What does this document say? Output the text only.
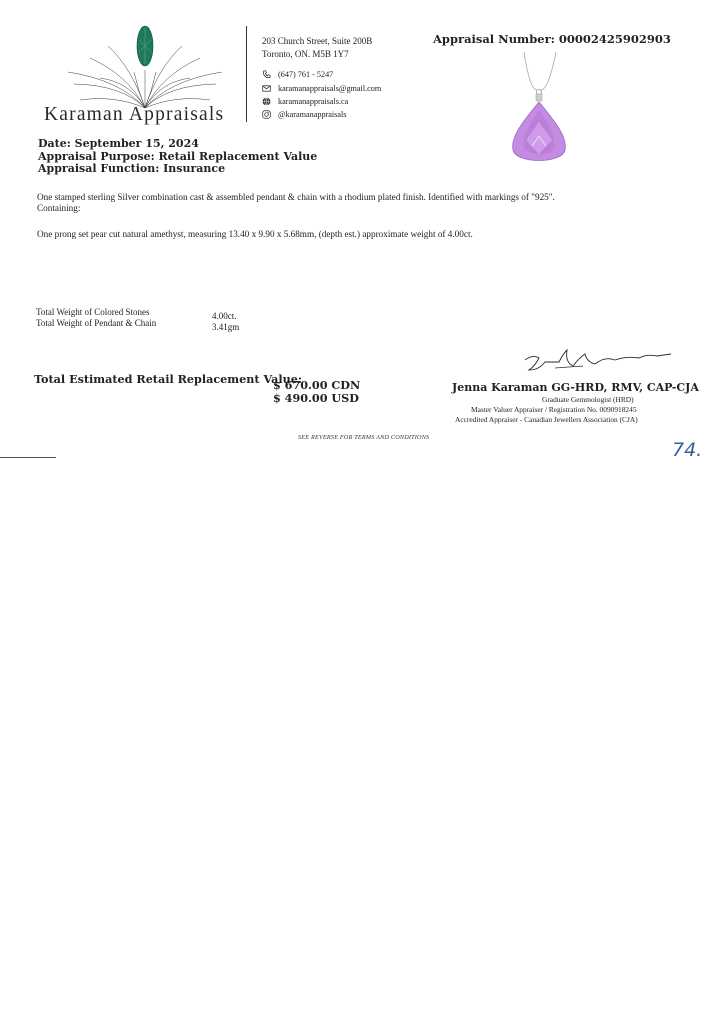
Karaman Appraisals
203 Church Street, Suite 200B
Toronto, ON. M5B 1Y7
(647) 761 - 5247
karamanappraisals@gmail.com
karamanappraisals.ca
@karamanappraisals
Appraisal Number: 00002425902903
Date: September 15, 2024
Appraisal Purpose: Retail Replacement Value
Appraisal Function: Insurance
One stamped sterling Silver combination cast & assembled pendant & chain with a rhodium plated finish. Identified with markings of "925".
Containing:
One prong set pear cut natural amethyst, measuring 13.40 x 9.90 x 5.68mm, (depth est.) approximate weight of 4.00ct.
Total Weight of Colored Stones	4.00ct.
Total Weight of Pendant & Chain	3.41gm
Total Estimated Retail Replacement Value:
$ 670.00 CDN
$ 490.00 USD
Jenna Karaman GG-HRD, RMV, CAP-CJA
Graduate Gemmologist (HRD)
Master Valuer Appraiser / Registration No. 0090918245
Accredited Appraiser - Canadian Jewellers Association (CJA)
SEE REVERSE FOR TERMS AND CONDITIONS
74.
